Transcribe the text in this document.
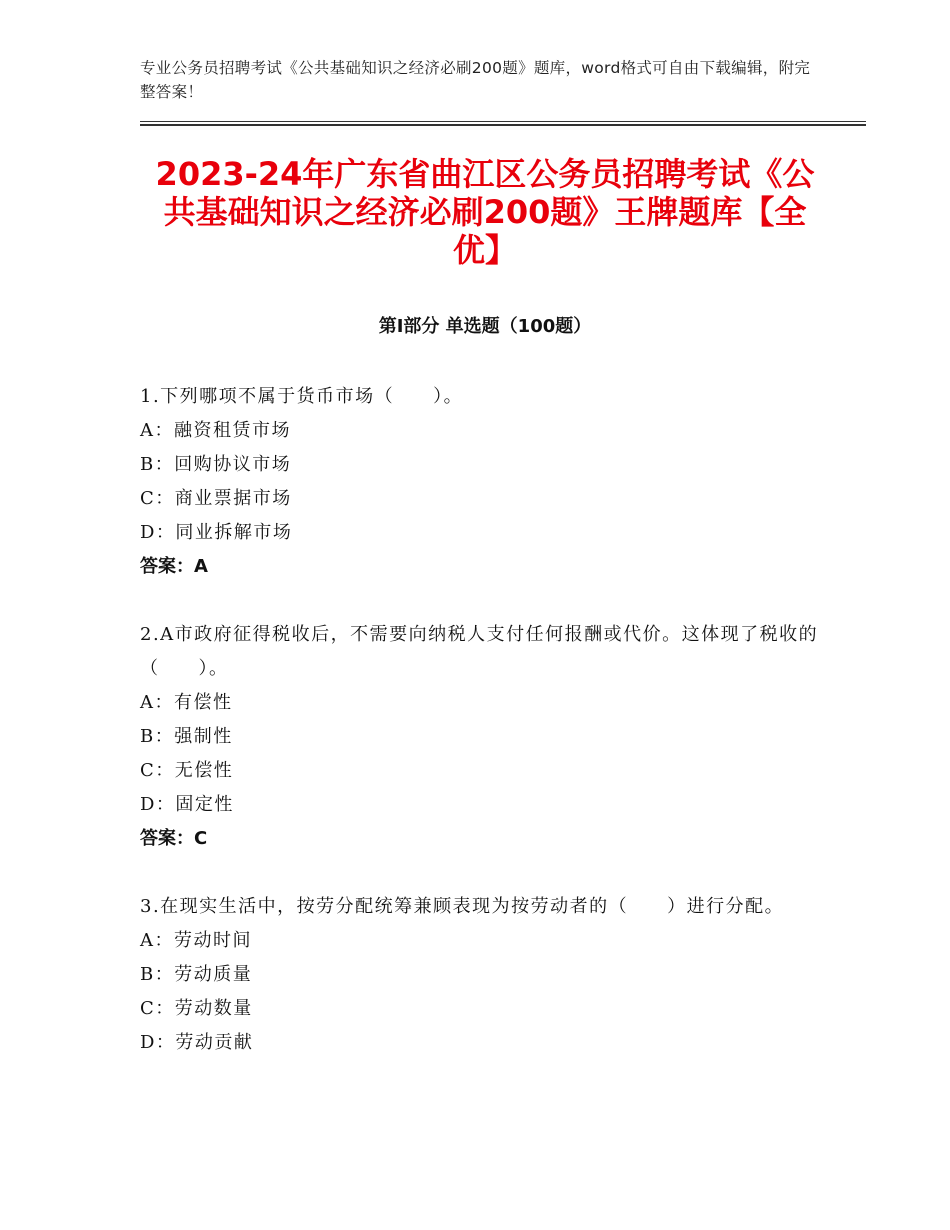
专业公务员招聘考试《公共基础知识之经济必刷200题》题库，word格式可自由下载编辑，附完整答案！
2023-24年广东省曲江区公务员招聘考试《公共基础知识之经济必刷200题》王牌题库【全优】
第Ⅰ部分 单选题（100题）
1.下列哪项不属于货币市场（　　）。
A：融资租赁市场
B：回购协议市场
C：商业票据市场
D：同业拆解市场
答案：A
2.A市政府征得税收后，不需要向纳税人支付任何报酬或代价。这体现了税收的（　　）。
A：有偿性
B：强制性
C：无偿性
D：固定性
答案：C
3.在现实生活中，按劳分配统筹兼顾表现为按劳动者的（　　）进行分配。
A：劳动时间
B：劳动质量
C：劳动数量
D：劳动贡献
